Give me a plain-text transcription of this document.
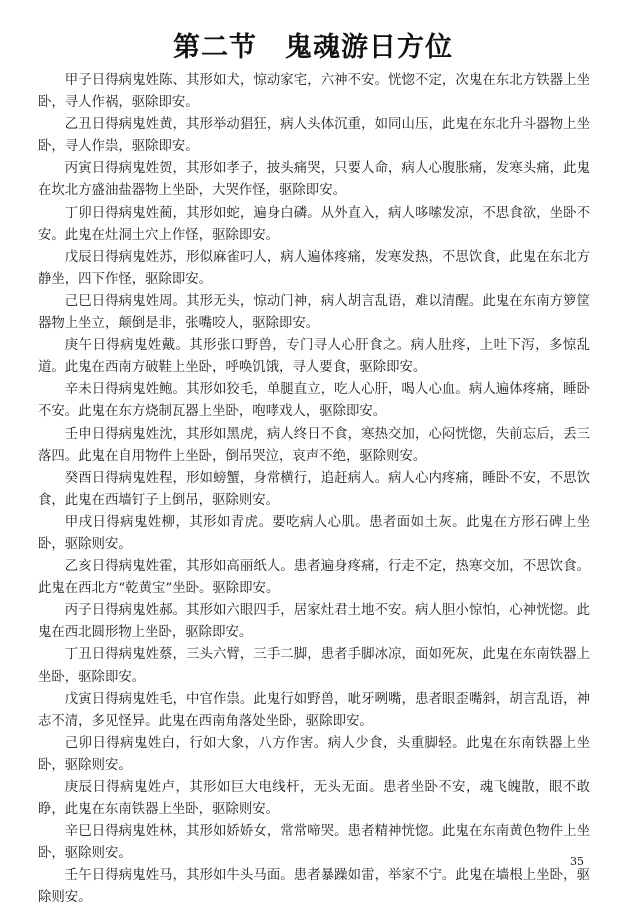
第二节　鬼魂游日方位

甲子日得病鬼姓陈、其形如犬，惊动家宅，六神不安。恍惚不定，次鬼在东北方铁器上坐卧，寻人作祸，驱除即安。

乙丑日得病鬼姓黄，其形举动猖狂，病人头体沉重，如同山压，此鬼在东北升斗器物上坐卧，寻人作祟，驱除即安。

丙寅日得病鬼姓贺，其形如孝子，披头痛哭，只要人命，病人心腹胀痛，发寒头痛，此鬼在坎北方盛油盐器物上坐卧，大哭作怪，驱除即安。

丁卯日得病鬼姓蔺，其形如蛇，遍身白磷。从外直入，病人哆嗦发凉，不思食欲，坐卧不安。此鬼在灶洞土穴上作怪，驱除即安。

戊辰日得病鬼姓苏，形似麻雀叼人，病人遍体疼痛，发寒发热，不思饮食，此鬼在东北方静坐，四下作怪，驱除即安。

己巳日得病鬼姓周。其形无头，惊动门神，病人胡言乱语，难以清醒。此鬼在东南方箩筐器物上坐立，颠倒是非，张嘴咬人，驱除即安。

庚午日得病鬼姓戴。其形张口野兽，专门寻人心肝食之。病人肚疼，上吐下泻，多惊乱道。此鬼在西南方破鞋上坐卧，呼唤饥饿，寻人要食，驱除即安。

辛未日得病鬼姓鲍。其形如狡毛，单腿直立，吃人心肝，喝人心血。病人遍体疼痛，睡卧不安。此鬼在东方烧制瓦器上坐卧，咆哮戏人，驱除即安。

壬申日得病鬼姓沈，其形如黑虎，病人终日不食，寒热交加，心闷恍惚，失前忘后，丢三落四。此鬼在自用物件上坐卧，倒吊哭泣，哀声不绝，驱除则安。

癸酉日得病鬼姓程，形如螃蟹，身常横行，追赶病人。病人心内疼痛，睡卧不安，不思饮食，此鬼在西墙钉子上倒吊，驱除则安。

甲戌日得病鬼姓柳，其形如青虎。要吃病人心肌。患者面如土灰。此鬼在方形石碑上坐卧，驱除则安。

乙亥日得病鬼姓霍，其形如高丽纸人。患者遍身疼痛，行走不定，热寒交加，不思饮食。此鬼在西北方“乾黄宝”坐卧。驱除即安。

丙子日得病鬼姓郝。其形如六眼四手，居家灶君土地不安。病人胆小惊怕，心神恍惚。此鬼在西北圆形物上坐卧，驱除即安。

丁丑日得病鬼姓蔡，三头六臂，三手二脚，患者手脚冰凉，面如死灰，此鬼在东南铁器上坐卧，驱除即安。

戊寅日得病鬼姓毛，中官作祟。此鬼行如野兽，呲牙咧嘴，患者眼歪嘴斜，胡言乱语，神志不清，多见怪异。此鬼在西南角落处坐卧，驱除即安。

己卯日得病鬼姓白，行如大象，八方作害。病人少食，头重脚轻。此鬼在东南铁器上坐卧，驱除则安。

庚辰日得病鬼姓卢，其形如巨大电线杆，无头无面。患者坐卧不安，魂飞魄散，眼不敢睁，此鬼在东南铁器上坐卧，驱除则安。

辛巳日得病鬼姓林，其形如娇娇女，常常啼哭。患者精神恍惚。此鬼在东南黄色物件上坐卧，驱除则安。

壬午日得病鬼姓马，其形如牛头马面。患者暴躁如雷，举家不宁。此鬼在墙根上坐卧，驱除则安。

35
